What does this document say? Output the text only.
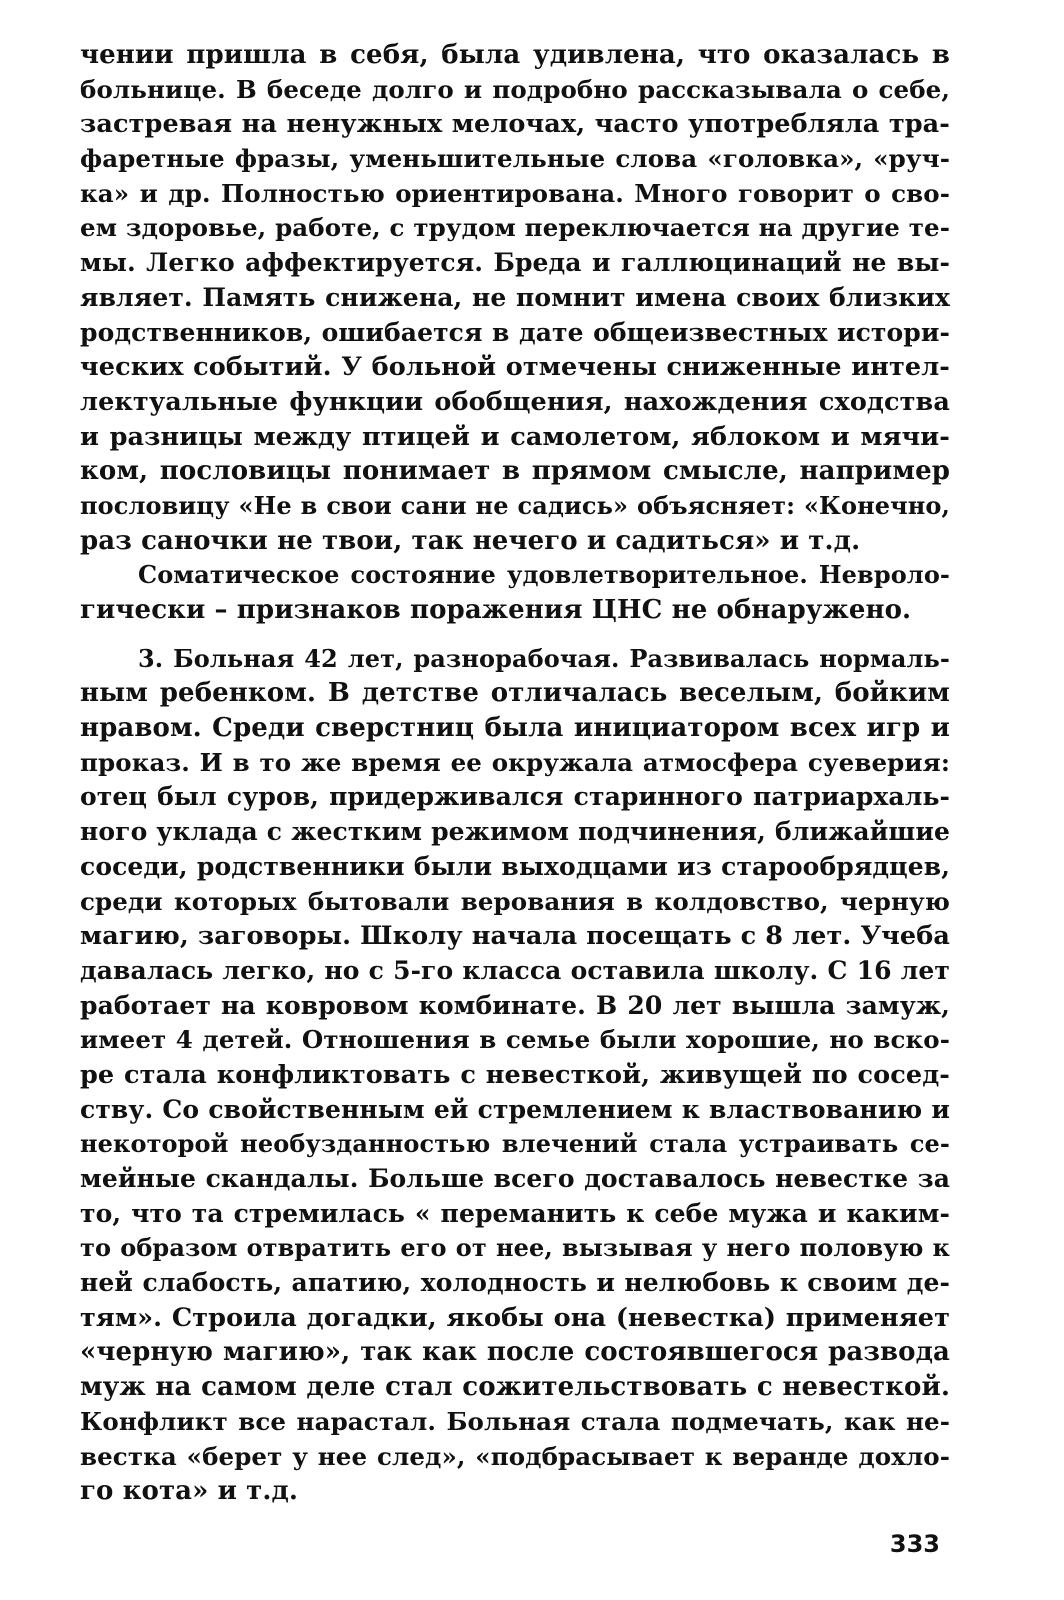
чении пришла в себя, была удивлена, что оказалась в
больнице. В беседе долго и подробно рассказывала о себе,
застревая на ненужных мелочах, часто употребляла тра-
фаретные фразы, уменьшительные слова «головка», «руч-
ка» и др. Полностью ориентирована. Много говорит о сво-
ем здоровье, работе, с трудом переключается на другие те-
мы. Легко аффектируется. Бреда и галлюцинаций не вы-
являет. Память снижена, не помнит имена своих близких
родственников, ошибается в дате общеизвестных истори-
ческих событий. У больной отмечены сниженные интел-
лектуальные функции обобщения, нахождения сходства
и разницы между птицей и самолетом, яблоком и мячи-
ком, пословицы понимает в прямом смысле, например
пословицу «Не в свои сани не садись» объясняет: «Конечно,
раз саночки не твои, так нечего и садиться» и т.д.
Соматическое состояние удовлетворительное. Невроло-
гически – признаков поражения ЦНС не обнаружено.
3. Больная 42 лет, разнорабочая. Развивалась нормаль-
ным ребенком. В детстве отличалась веселым, бойким
нравом. Среди сверстниц была инициатором всех игр и
проказ. И в то же время ее окружала атмосфера суеверия:
отец был суров, придерживался старинного патриархаль-
ного уклада с жестким режимом подчинения, ближайшие
соседи, родственники были выходцами из старообрядцев,
среди которых бытовали верования в колдовство, черную
магию, заговоры. Школу начала посещать с 8 лет. Учеба
давалась легко, но с 5-го класса оставила школу. С 16 лет
работает на ковровом комбинате. В 20 лет вышла замуж,
имеет 4 детей. Отношения в семье были хорошие, но вско-
ре стала конфликтовать с невесткой, живущей по сосед-
ству. Со свойственным ей стремлением к властвованию и
некоторой необузданностью влечений стала устраивать се-
мейные скандалы. Больше всего доставалось невестке за
то, что та стремилась « переманить к себе мужа и каким-
то образом отвратить его от нее, вызывая у него половую к
ней слабость, апатию, холодность и нелюбовь к своим де-
тям». Строила догадки, якобы она (невестка) применяет
«черную магию», так как после состоявшегося развода
муж на самом деле стал сожительствовать с невесткой.
Конфликт все нарастал. Больная стала подмечать, как не-
вестка «берет у нее след», «подбрасывает к веранде дохло-
го кота» и т.д.
333
